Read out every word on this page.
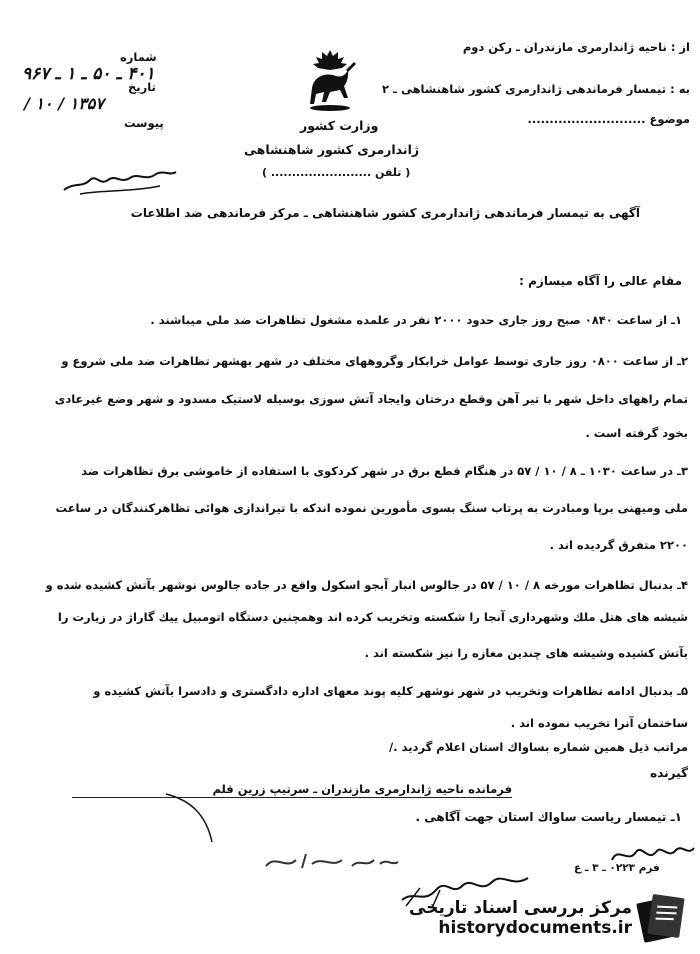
از : ناحیه ژاندارمری مازندران ـ رکن دوم
به : تیمسار فرماندهی ژاندارمری کشور شاهنشاهی ـ ۲
موضوع ...........................
شماره
۴۰۱ ـ ۵۰ ـ ۱ ـ ۹۶۷
تاریخ
۱۳۵۷ / ۱۰ /
پیوست	وزارت کشور
ژاندارمری کشور شاهنشاهی
( تلفن ........................ )
آگهی به تیمسار فرماندهی ژاندارمری کشور شاهنشاهی ـ مرکز فرماندهی ضد اطلاعات
مقام عالی را آگاه میسازم :
۱ـ از ساعت ۰۸۴۰ صبح روز جاری حدود ۲۰۰۰ نفر در علمده مشغول تظاهرات ضد ملی میباشند .
۲ـ از ساعت ۰۸۰۰ روز جاری توسط عوامل خرابکار وگروههای مختلف در شهر بهشهر تظاهرات ضد ملی شروع و
تمام راههای داخل شهر با تیر آهن وقطع درختان وایجاد آتش سوزی بوسیله لاستیک مسدود و شهر وضع غیرعادی
بخود گرفته است .
۳ـ در ساعت ۱۰۳۰ ـ ۸ / ۱۰ / ۵۷ در هنگام قطع برق در شهر کردکوی با استفاده از خاموشی برق تظاهرات ضد
ملی وميهنی برپا ومبادرت به پرتاب سنگ بسوی مأمورین نموده اندکه با تیراندازی هوائی تظاهرکنندگان در ساعت
۲۲۰۰ متفرق گردیده اند .
۴ـ بدنبال تظاهرات مورخه ۸ / ۱۰ / ۵۷ در جالوس انبار آبجو اسکول واقع در جاده جالوس نوشهر بآتش کشیده شده و
شیشه های هتل ملك وشهرداری آنجا را شکسته وتخریب کرده اند وهمچنین دستگاه اتومبیل ییك گاراژ در زیارت را
بآتش کشیده وشیشه های چندین مغازه را نیز شکسته اند .
۵ـ بدنبال ادامه تظاهرات وتخریب در شهر نوشهر کلیه پوند معهای اداره دادگستری و دادسرا بآتش کشیده و
ساختمان آنرا تخریب نموده اند .
مراتب ذیل همین شماره بساواك استان اعلام گردید ./
گیرنده
فرمانده ناحیه ژاندارمری مازندران ـ سرتیپ زرین قلم
۱ـ تیمسار ریاست ساواك استان جهت آگاهی .
فرم ۰۲۲۳ ـ ۳ ـ ع
مرکز بررسی اسناد تاریخی
historydocuments.ir
